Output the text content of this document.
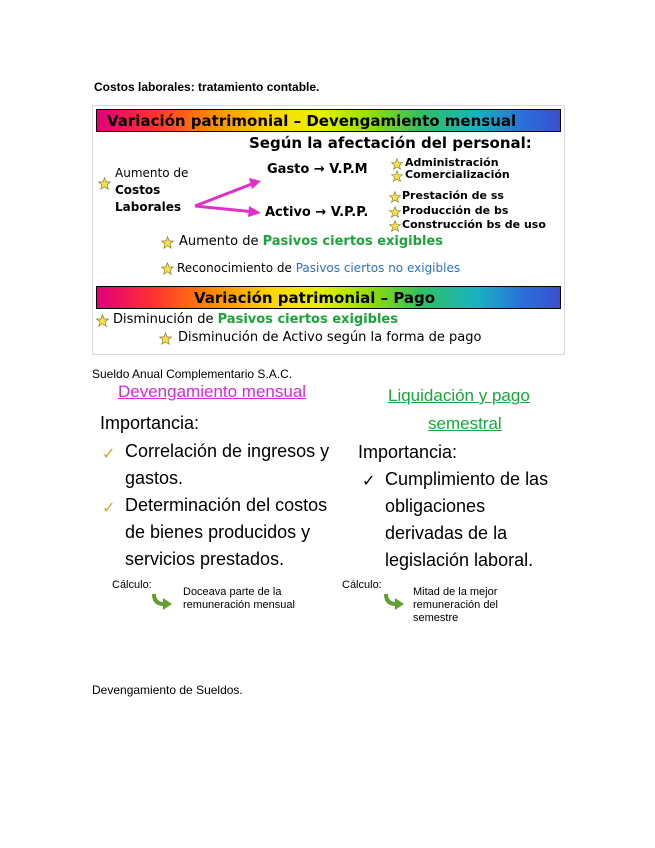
Costos laborales: tratamiento contable.
Variación patrimonial – Devengamiento mensual
Según la afectación del personal:
Aumento de
Costos
Laborales
Gasto → V.P.M
Activo → V.P.P.
Administración
Comercialización
Prestación de ss
Producción de bs
Construcción bs de uso
Aumento de Pasivos ciertos exigibles
Reconocimiento de Pasivos ciertos no exigibles
Variación patrimonial – Pago
Disminución de Pasivos ciertos exigibles
Disminución de Activo según la forma de pago
Sueldo Anual Complementario S.A.C.
Devengamiento mensual
Importancia:
✓ Correlación de ingresos y
gastos.
✓ Determinación del costos
de bienes producidos y
servicios prestados.
Cálculo:
Doceava parte de la
remuneración mensual
Liquidación y pago
semestral
Importancia:
✓ Cumplimiento de las
obligaciones
derivadas de la
legislación laboral.
Cálculo:
Mitad de la mejor
remuneración del
semestre
Devengamiento de Sueldos.
